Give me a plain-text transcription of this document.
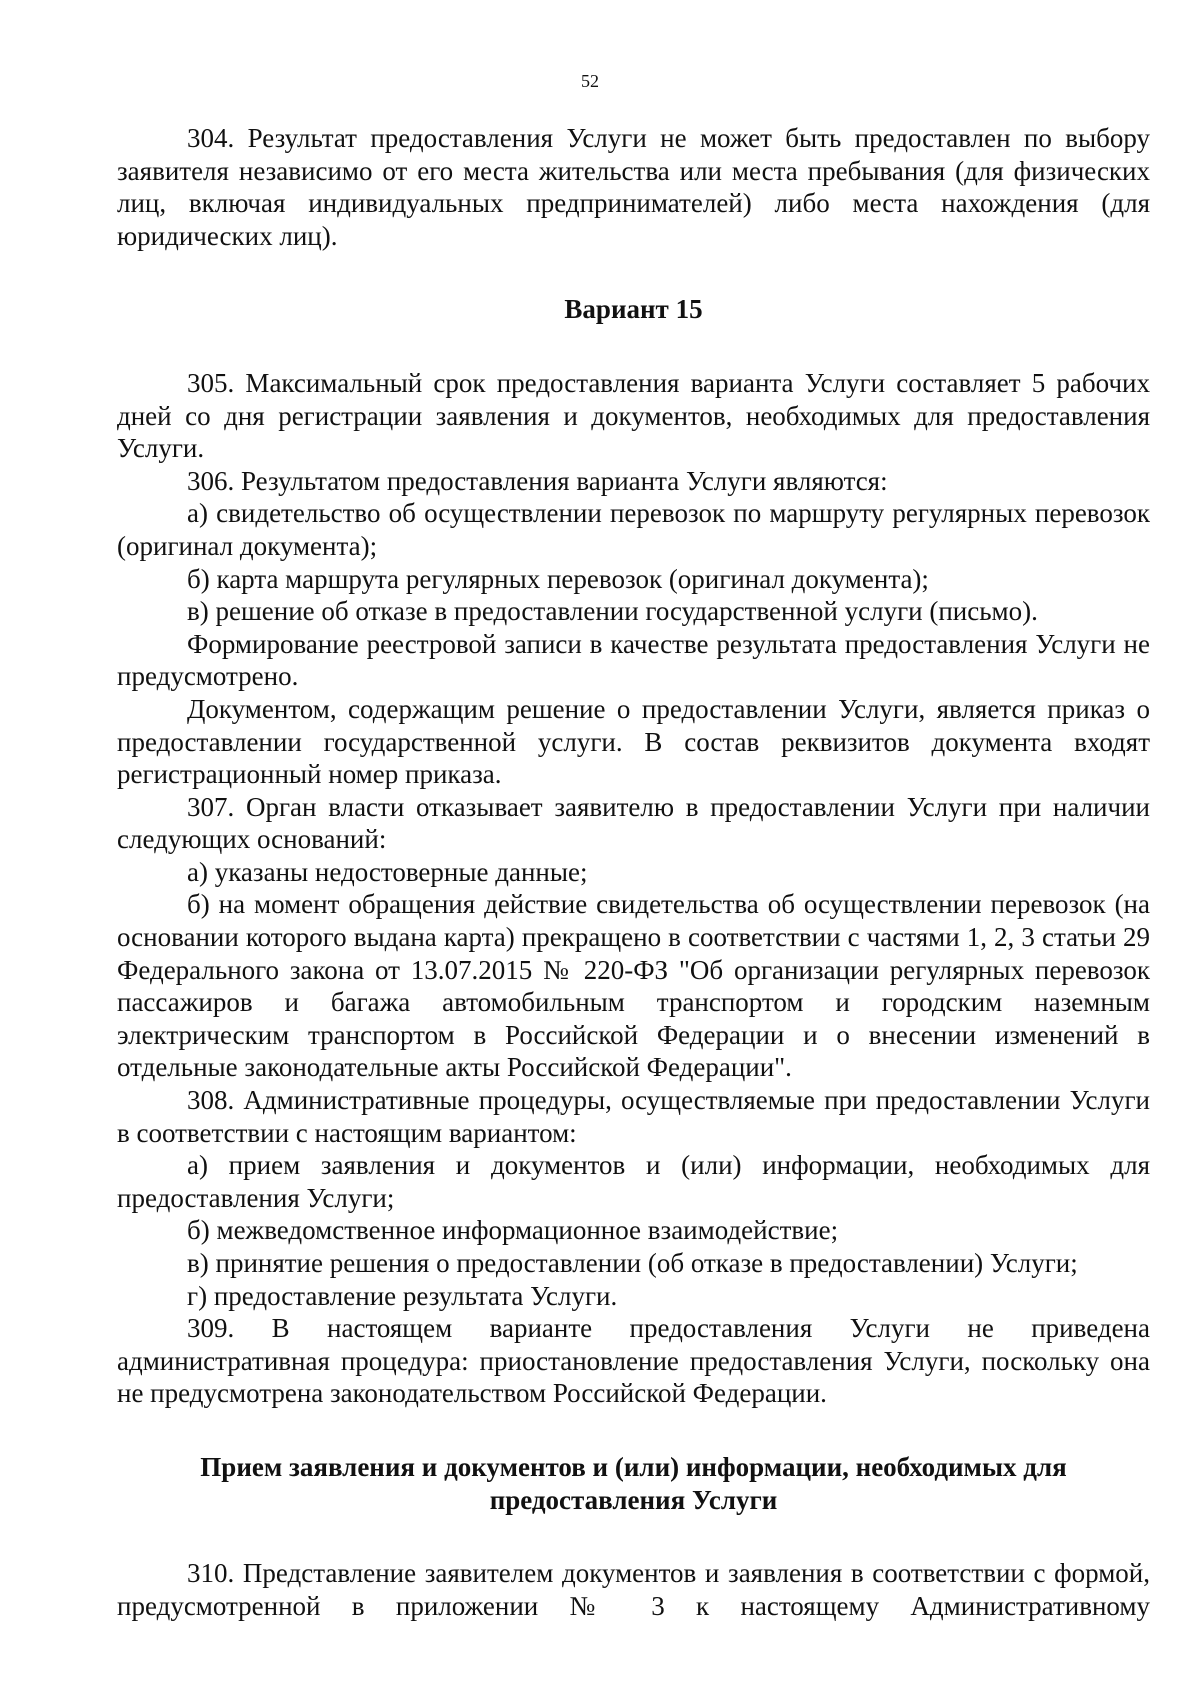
52

304. Результат предоставления Услуги не может быть предоставлен по выбору заявителя независимо от его места жительства или места пребывания (для физических лиц, включая индивидуальных предпринимателей) либо места нахождения (для юридических лиц).

Вариант 15

305. Максимальный срок предоставления варианта Услуги составляет 5 рабочих дней со дня регистрации заявления и документов, необходимых для предоставления Услуги.

306. Результатом предоставления варианта Услуги являются:

а) свидетельство об осуществлении перевозок по маршруту регулярных перевозок (оригинал документа);

б) карта маршрута регулярных перевозок (оригинал документа);

в) решение об отказе в предоставлении государственной услуги (письмо).

Формирование реестровой записи в качестве результата предоставления Услуги не предусмотрено.

Документом, содержащим решение о предоставлении Услуги, является приказ о предоставлении государственной услуги. В состав реквизитов документа входят регистрационный номер приказа.

307. Орган власти отказывает заявителю в предоставлении Услуги при наличии следующих оснований:

а) указаны недостоверные данные;

б) на момент обращения действие свидетельства об осуществлении перевозок (на основании которого выдана карта) прекращено в соответствии с частями 1, 2, 3 статьи 29 Федерального закона от 13.07.2015 № 220-ФЗ "Об организации регулярных перевозок пассажиров и багажа автомобильным транспортом и городским наземным электрическим транспортом в Российской Федерации и о внесении изменений в отдельные законодательные акты Российской Федерации".

308. Административные процедуры, осуществляемые при предоставлении Услуги в соответствии с настоящим вариантом:

а) прием заявления и документов и (или) информации, необходимых для предоставления Услуги;

б) межведомственное информационное взаимодействие;

в) принятие решения о предоставлении (об отказе в предоставлении) Услуги;

г) предоставление результата Услуги.

309. В настоящем варианте предоставления Услуги не приведена административная процедура: приостановление предоставления Услуги, поскольку она не предусмотрена законодательством Российской Федерации.

Прием заявления и документов и (или) информации, необходимых для предоставления Услуги

310. Представление заявителем документов и заявления в соответствии с формой, предусмотренной в приложении № 3 к настоящему Административному
